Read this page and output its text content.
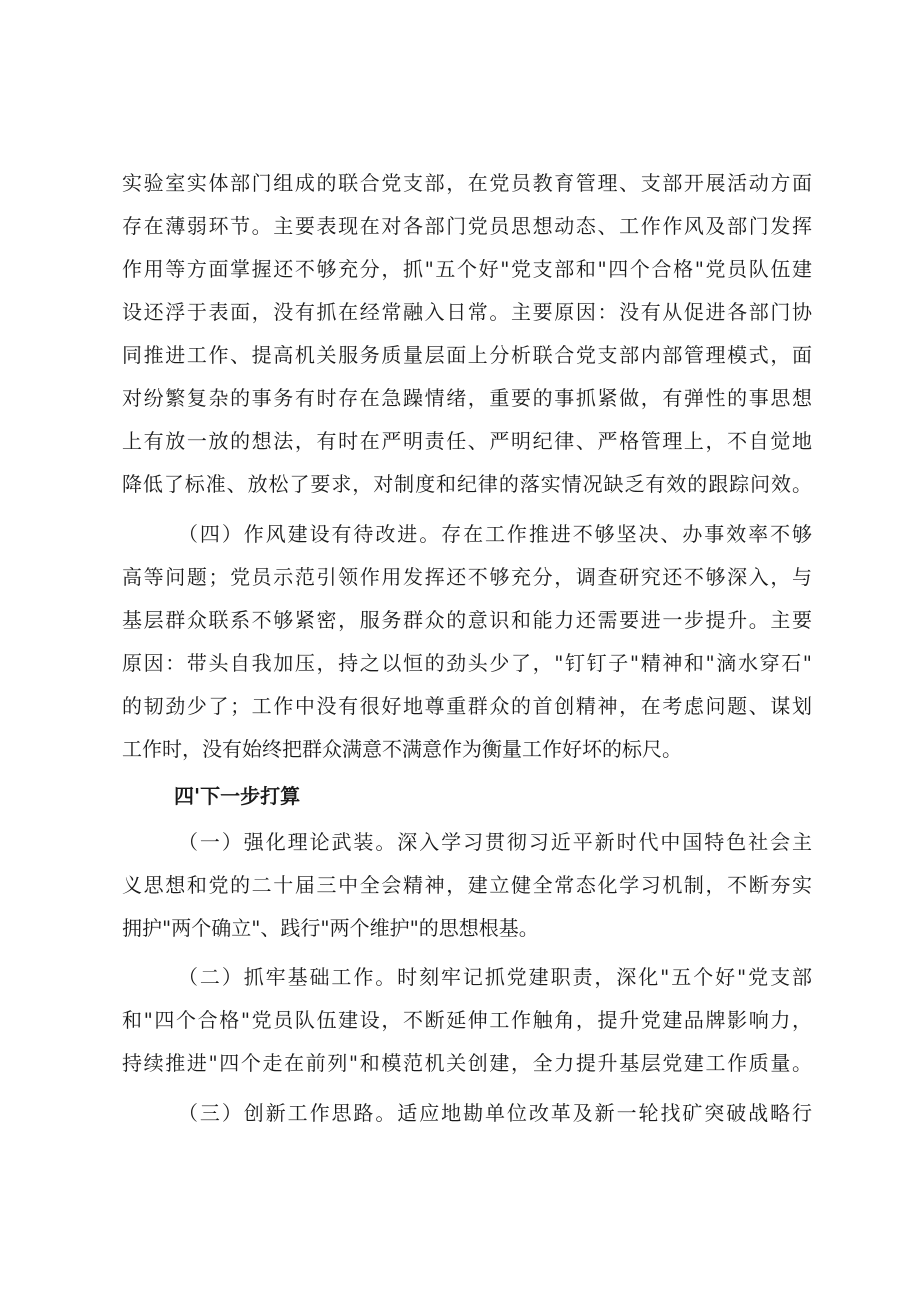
实验室实体部门组成的联合党支部，在党员教育管理、支部开展活动方面
存在薄弱环节。主要表现在对各部门党员思想动态、工作作风及部门发挥
作用等方面掌握还不够充分，抓"五个好"党支部和"四个合格"党员队伍建
设还浮于表面，没有抓在经常融入日常。主要原因：没有从促进各部门协
同推进工作、提高机关服务质量层面上分析联合党支部内部管理模式，面
对纷繁复杂的事务有时存在急躁情绪，重要的事抓紧做，有弹性的事思想
上有放一放的想法，有时在严明责任、严明纪律、严格管理上，不自觉地
降低了标准、放松了要求，对制度和纪律的落实情况缺乏有效的跟踪问效。
（四）作风建设有待改进。存在工作推进不够坚决、办事效率不够
高等问题；党员示范引领作用发挥还不够充分，调查研究还不够深入，与
基层群众联系不够紧密，服务群众的意识和能力还需要进一步提升。主要
原因：带头自我加压，持之以恒的劲头少了，"钉钉子"精神和"滴水穿石"
的韧劲少了；工作中没有很好地尊重群众的首创精神，在考虑问题、谋划
工作时，没有始终把群众满意不满意作为衡量工作好坏的标尺。
四'下一步打算
（一）强化理论武装。深入学习贯彻习近平新时代中国特色社会主
义思想和党的二十届三中全会精神，建立健全常态化学习机制，不断夯实
拥护"两个确立"、践行"两个维护"的思想根基。
（二）抓牢基础工作。时刻牢记抓党建职责，深化"五个好"党支部
和"四个合格"党员队伍建设，不断延伸工作触角，提升党建品牌影响力，
持续推进"四个走在前列"和模范机关创建，全力提升基层党建工作质量。
（三）创新工作思路。适应地勘单位改革及新一轮找矿突破战略行
